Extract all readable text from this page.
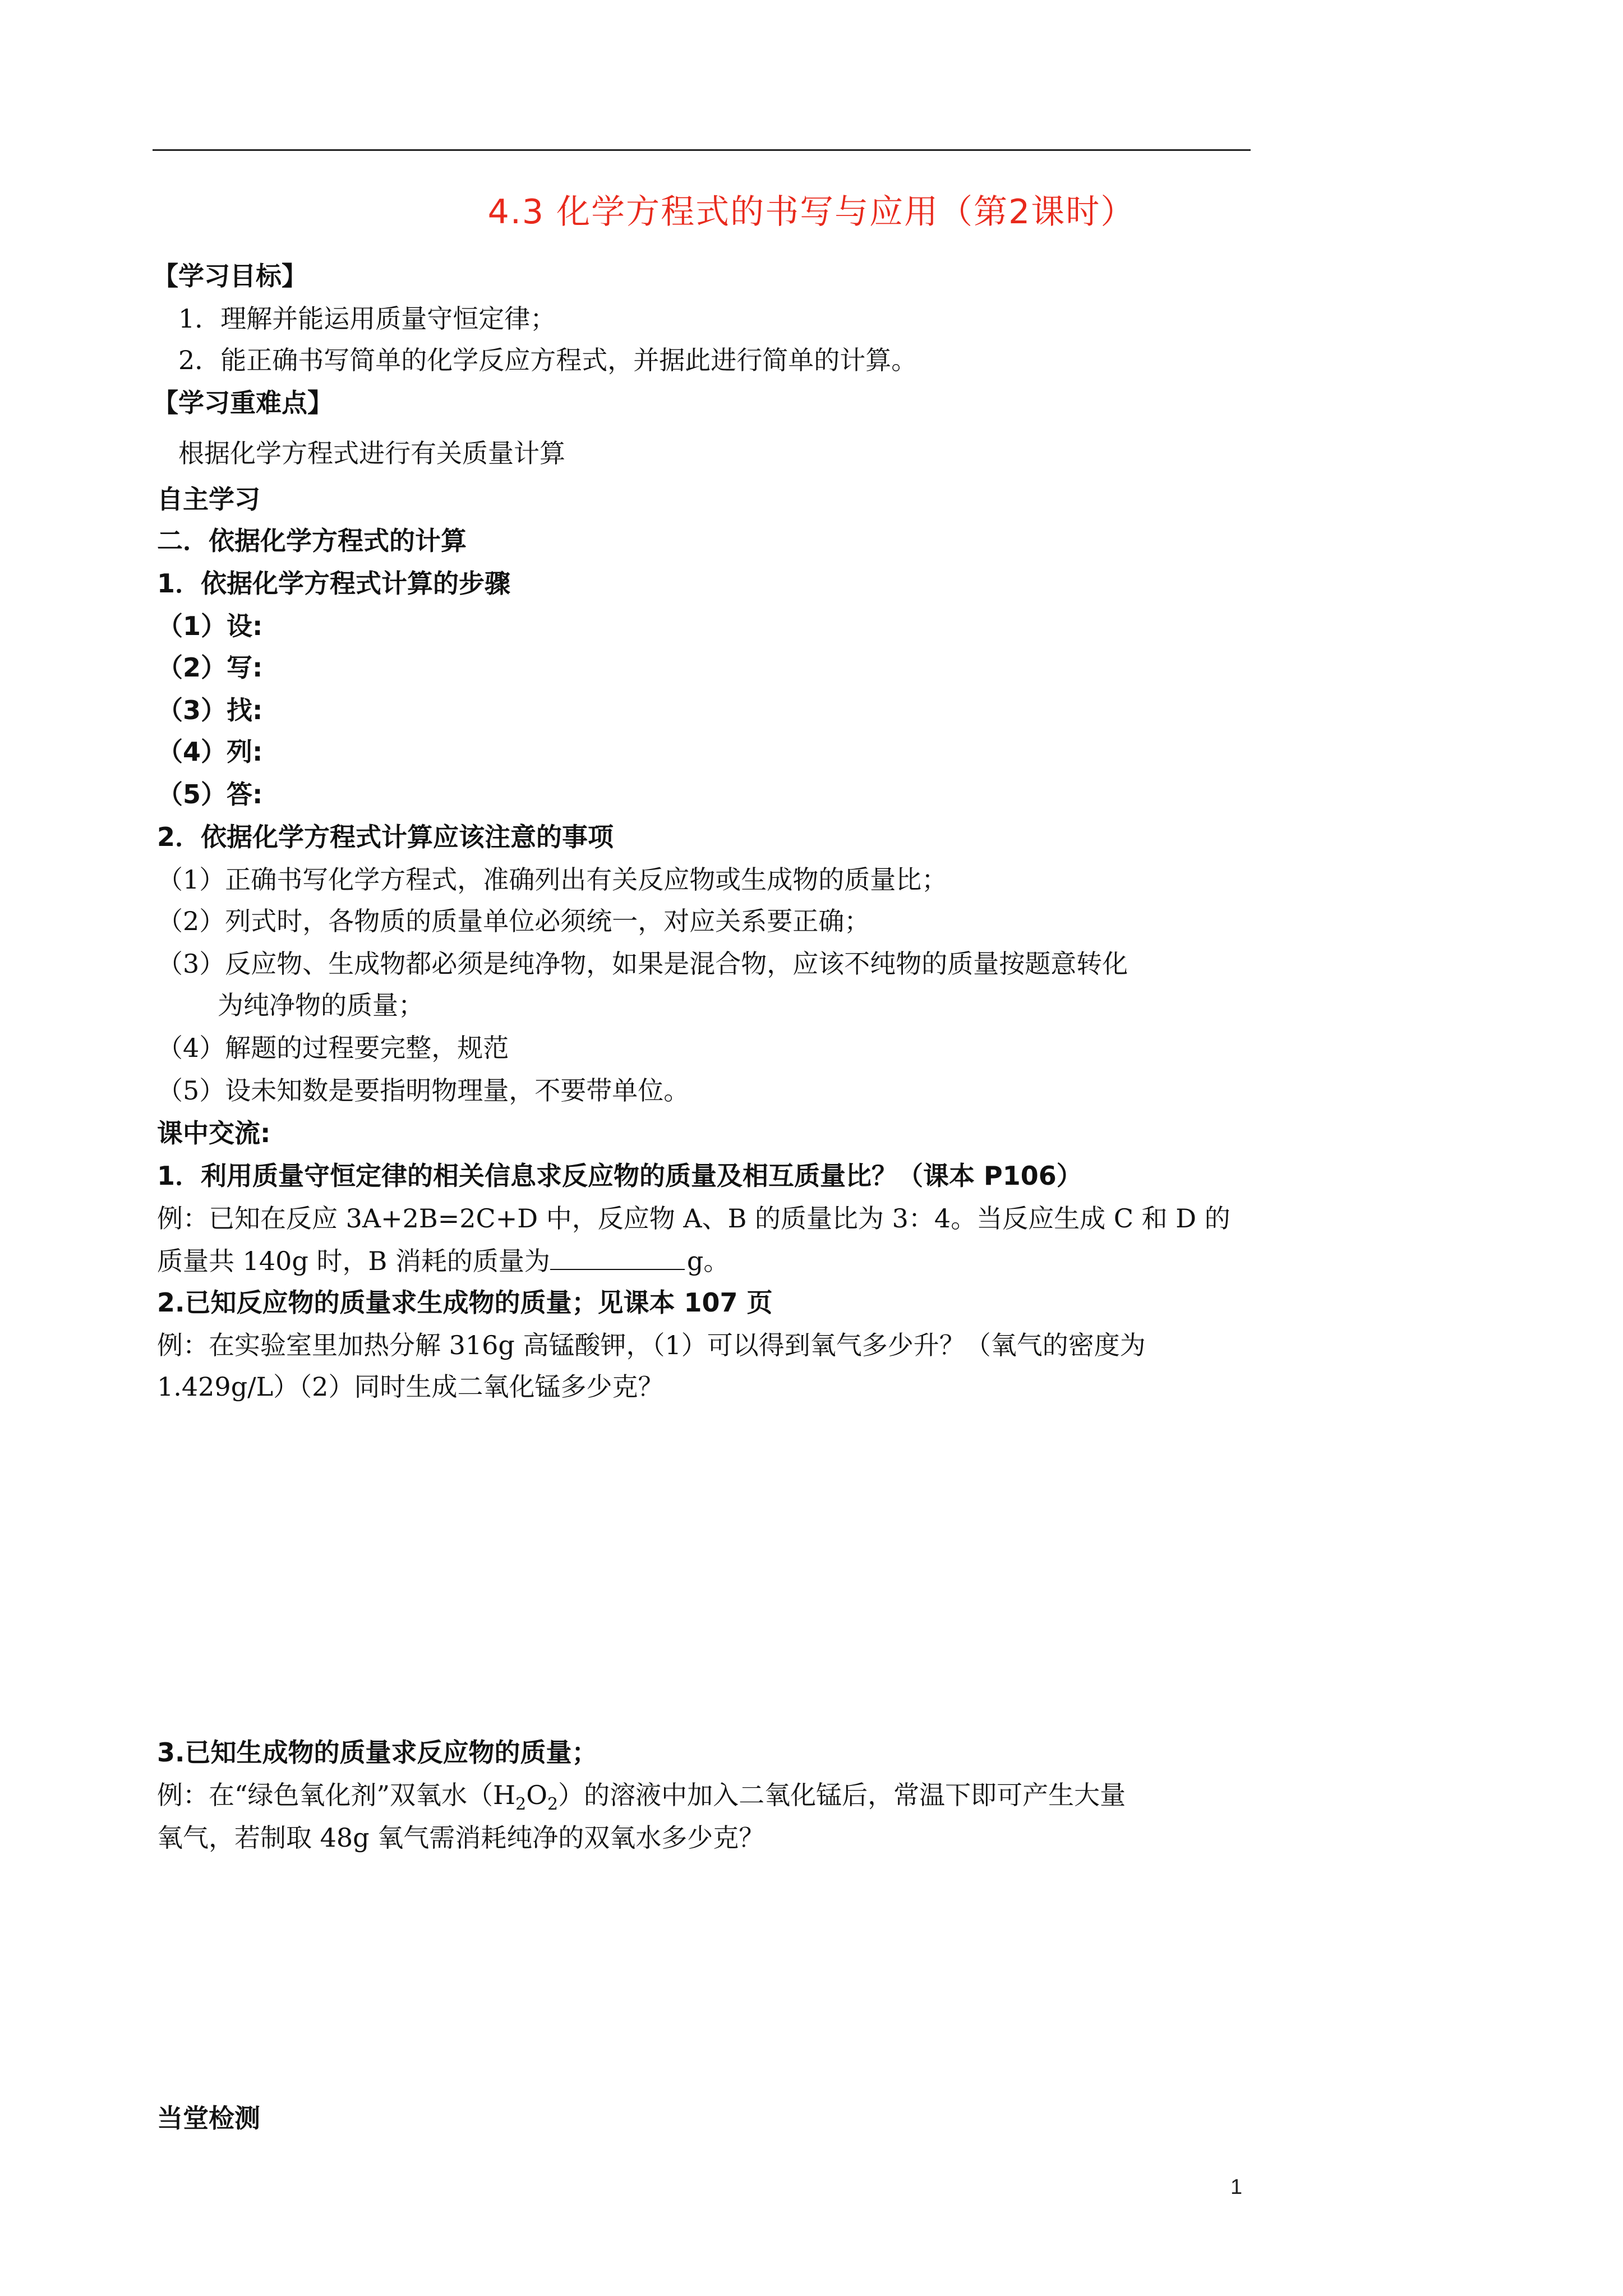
4.3 化学方程式的书写与应用（第2课时）
【学习目标】
1．理解并能运用质量守恒定律；
2．能正确书写简单的化学反应方程式，并据此进行简单的计算。
【学习重难点】
根据化学方程式进行有关质量计算
自主学习
二．依据化学方程式的计算
1．依据化学方程式计算的步骤
（1）设:
（2）写:
（3）找:
（4）列:
（5）答:
2．依据化学方程式计算应该注意的事项
（1）正确书写化学方程式，准确列出有关反应物或生成物的质量比；
（2）列式时，各物质的质量单位必须统一，对应关系要正确；
（3）反应物、生成物都必须是纯净物，如果是混合物，应该不纯物的质量按题意转化
为纯净物的质量；
（4）解题的过程要完整，规范
（5）设未知数是要指明物理量，不要带单位。
课中交流:
1．利用质量守恒定律的相关信息求反应物的质量及相互质量比？（课本 P106）
例：已知在反应 3A+2B=2C+D 中，反应物 A、B 的质量比为 3：4。当反应生成 C 和 D 的
质量共 140g 时，B 消耗的质量为	g。
2.已知反应物的质量求生成物的质量；见课本 107 页
例：在实验室里加热分解 316g 高锰酸钾，（1）可以得到氧气多少升？（氧气的密度为
1.429g/L）（2）同时生成二氧化锰多少克？
3.已知生成物的质量求反应物的质量；
例：在“绿色氧化剂”双氧水$(H_2O_2)$的溶液中加入二氧化锰后，常温下即可产生大量
氧气，若制取 48g 氧气需消耗纯净的双氧水多少克？
当堂检测
1
